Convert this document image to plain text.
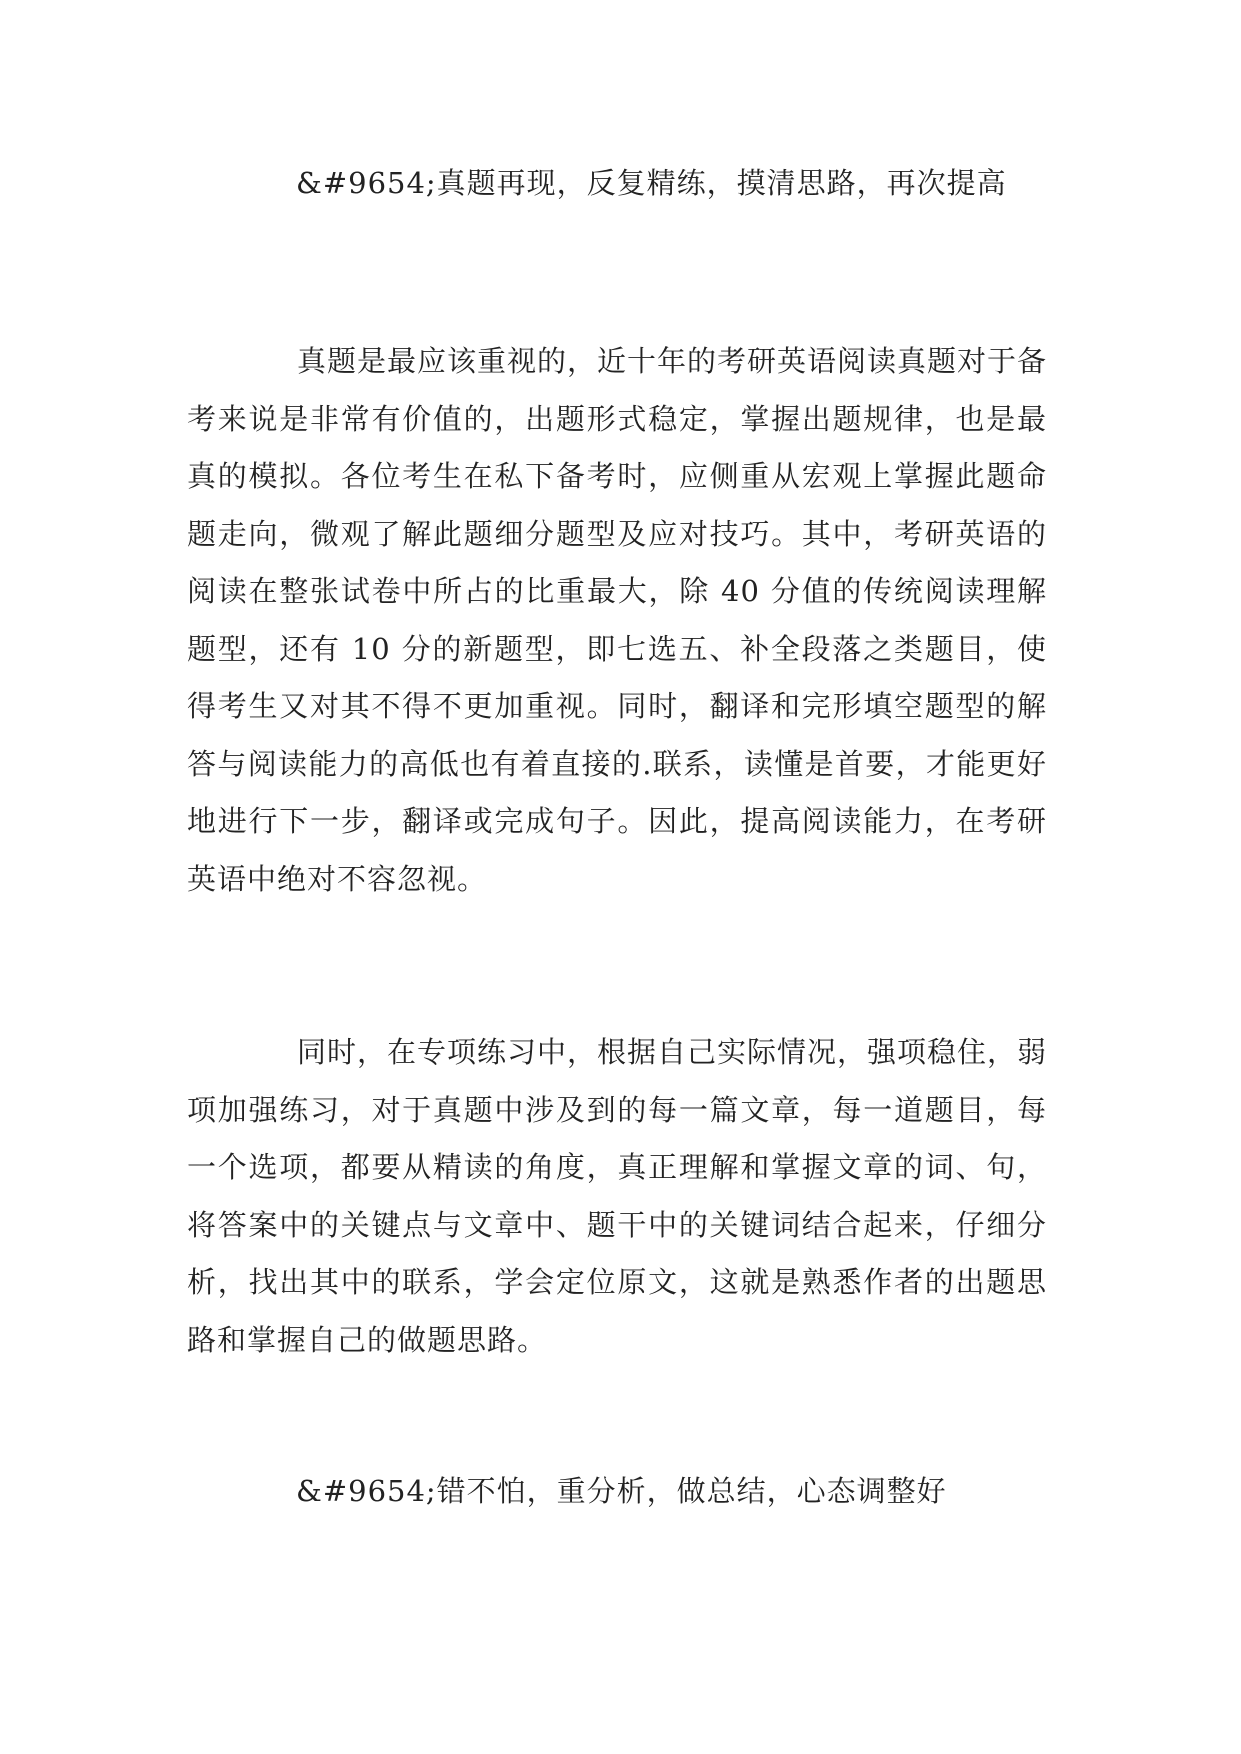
&#9654;真题再现，反复精练，摸清思路，再次提高

真题是最应该重视的，近十年的考研英语阅读真题对于备考来说是非常有价值的，出题形式稳定，掌握出题规律，也是最真的模拟。各位考生在私下备考时，应侧重从宏观上掌握此题命题走向，微观了解此题细分题型及应对技巧。其中，考研英语的阅读在整张试卷中所占的比重最大，除 40 分值的传统阅读理解题型，还有 10 分的新题型，即七选五、补全段落之类题目，使得考生又对其不得不更加重视。同时，翻译和完形填空题型的解答与阅读能力的高低也有着直接的.联系，读懂是首要，才能更好地进行下一步，翻译或完成句子。因此，提高阅读能力，在考研英语中绝对不容忽视。

同时，在专项练习中，根据自己实际情况，强项稳住，弱项加强练习，对于真题中涉及到的每一篇文章，每一道题目，每一个选项，都要从精读的角度，真正理解和掌握文章的词、句，将答案中的关键点与文章中、题干中的关键词结合起来，仔细分析，找出其中的联系，学会定位原文，这就是熟悉作者的出题思路和掌握自己的做题思路。

&#9654;错不怕，重分析，做总结，心态调整好
